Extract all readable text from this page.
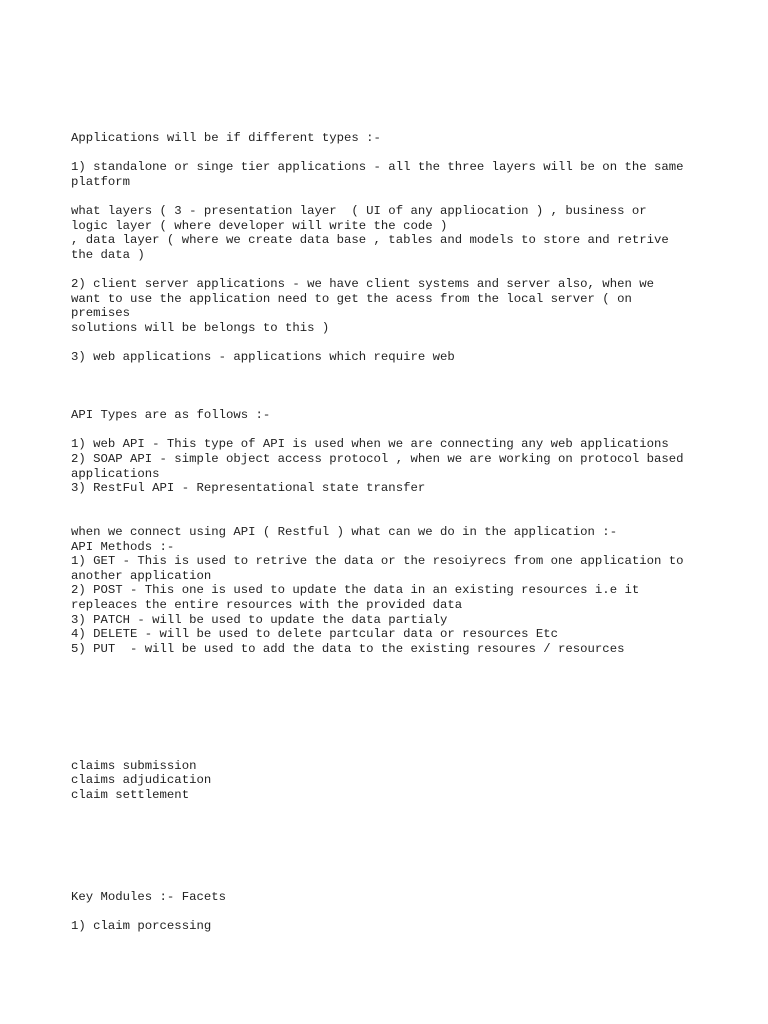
Applications will be if different types :-
1) standalone or singe tier applications - all the three layers will be on the same
platform
what layers ( 3 - presentation layer  ( UI of any appliocation ) , business or
logic layer ( where developer will write the code )
, data layer ( where we create data base , tables and models to store and retrive
the data )
2) client server applications - we have client systems and server also, when we
want to use the application need to get the acess from the local server ( on
premises
solutions will be belongs to this )
3) web applications - applications which require web
API Types are as follows :-
1) web API - This type of API is used when we are connecting any web applications
2) SOAP API - simple object access protocol , when we are working on protocol based
applications
3) RestFul API - Representational state transfer
when we connect using API ( Restful ) what can we do in the application :-
API Methods :-
1) GET - This is used to retrive the data or the resoiyrecs from one application to
another application
2) POST - This one is used to update the data in an existing resources i.e it
repleaces the entire resources with the provided data
3) PATCH - will be used to update the data partialy
4) DELETE - will be used to delete partcular data or resources Etc
5) PUT  - will be used to add the data to the existing resoures / resources
claims submission
claims adjudication
claim settlement
Key Modules :- Facets
1) claim porcessing
